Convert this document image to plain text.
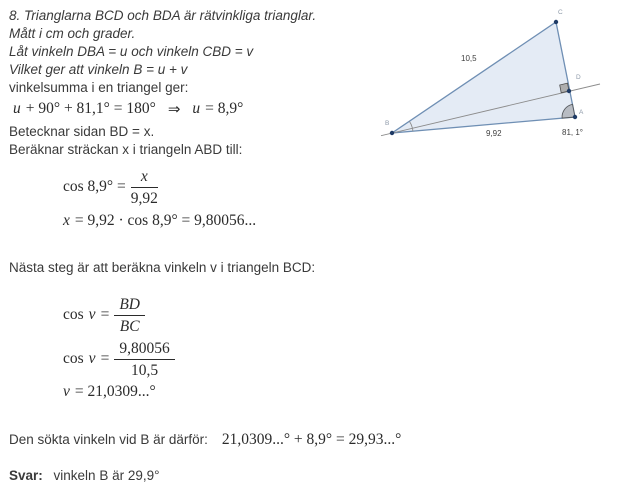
8. Trianglarna BCD och BDA är rätvinkliga trianglar.

Mått i cm och grader.

Låt vinkeln DBA = u och vinkeln CBD = v

Vilket ger att vinkeln B = u + v

vinkelsumma i en triangel ger:

u + 90° + 81,1° = 180° ⇒ u = 8,9°

Betecknar sidan BD = x.

Beräknar sträckan x i triangeln ABD till:

$\cos 8,9^\circ = \frac{x}{9,92}$
x = 9,92 · cos 8,9° = 9,80056...

Nästa steg är att beräkna vinkeln v i triangeln BCD:

$\cos v = \frac{BD}{BC}$
$\cos v = \frac{9,80056}{10,5}$
v = 21,0309...°

Den sökta vinkeln vid B är därför: 21,0309...° + 8,9° = 29,93...°

Svar: vinkeln B är 29,9°

B
C
D
A
10,5
9,92	81, 1°
